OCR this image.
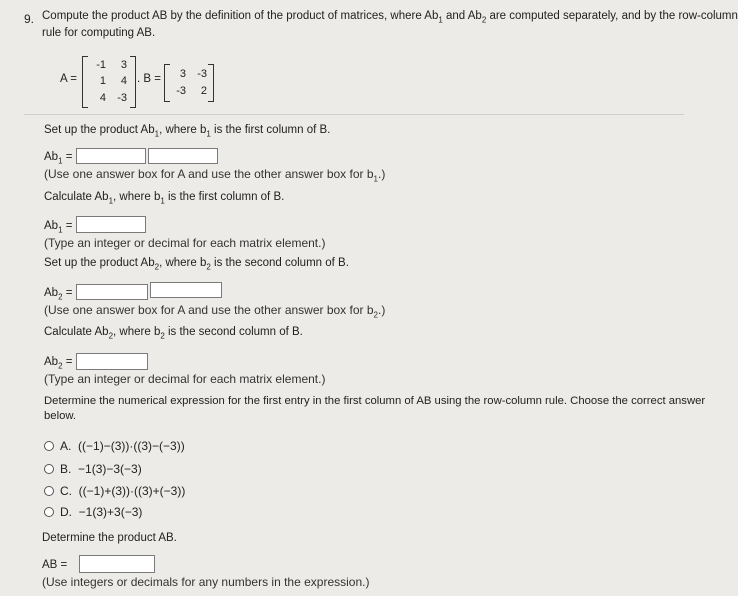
9. Compute the product AB by the definition of the product of matrices, where $Ab_1$ and $Ab_2$ are computed separately, and by the row-column
rule for computing AB.
A =
-1	3
1	4
4	-3
. B =	3	-3
-3	2
Set up the product $Ab_1$, where $b_1$ is the first column of B.
$Ab_1$ =
(Use one answer box for A and use the other answer box for $b_1$.)
Calculate $Ab_1$, where $b_1$ is the first column of B.
$Ab_1$ =
(Type an integer or decimal for each matrix element.)
Set up the product $Ab_2$, where $b_2$ is the second column of B.
$Ab_2$ =
(Use one answer box for A and use the other answer box for $b_2$.)
Calculate $Ab_2$, where $b_2$ is the second column of B.
$Ab_2$ =
(Type an integer or decimal for each matrix element.)
Determine the numerical expression for the first entry in the first column of AB using the row-column rule. Choose the correct answer
below.
A. ((−1)−(3))·((3)−(−3))
B. −1(3)−3(−3)
C. ((−1)+(3))·((3)+(−3))
D. −1(3)+3(−3)
Determine the product AB.
AB =
(Use integers or decimals for any numbers in the expression.)
